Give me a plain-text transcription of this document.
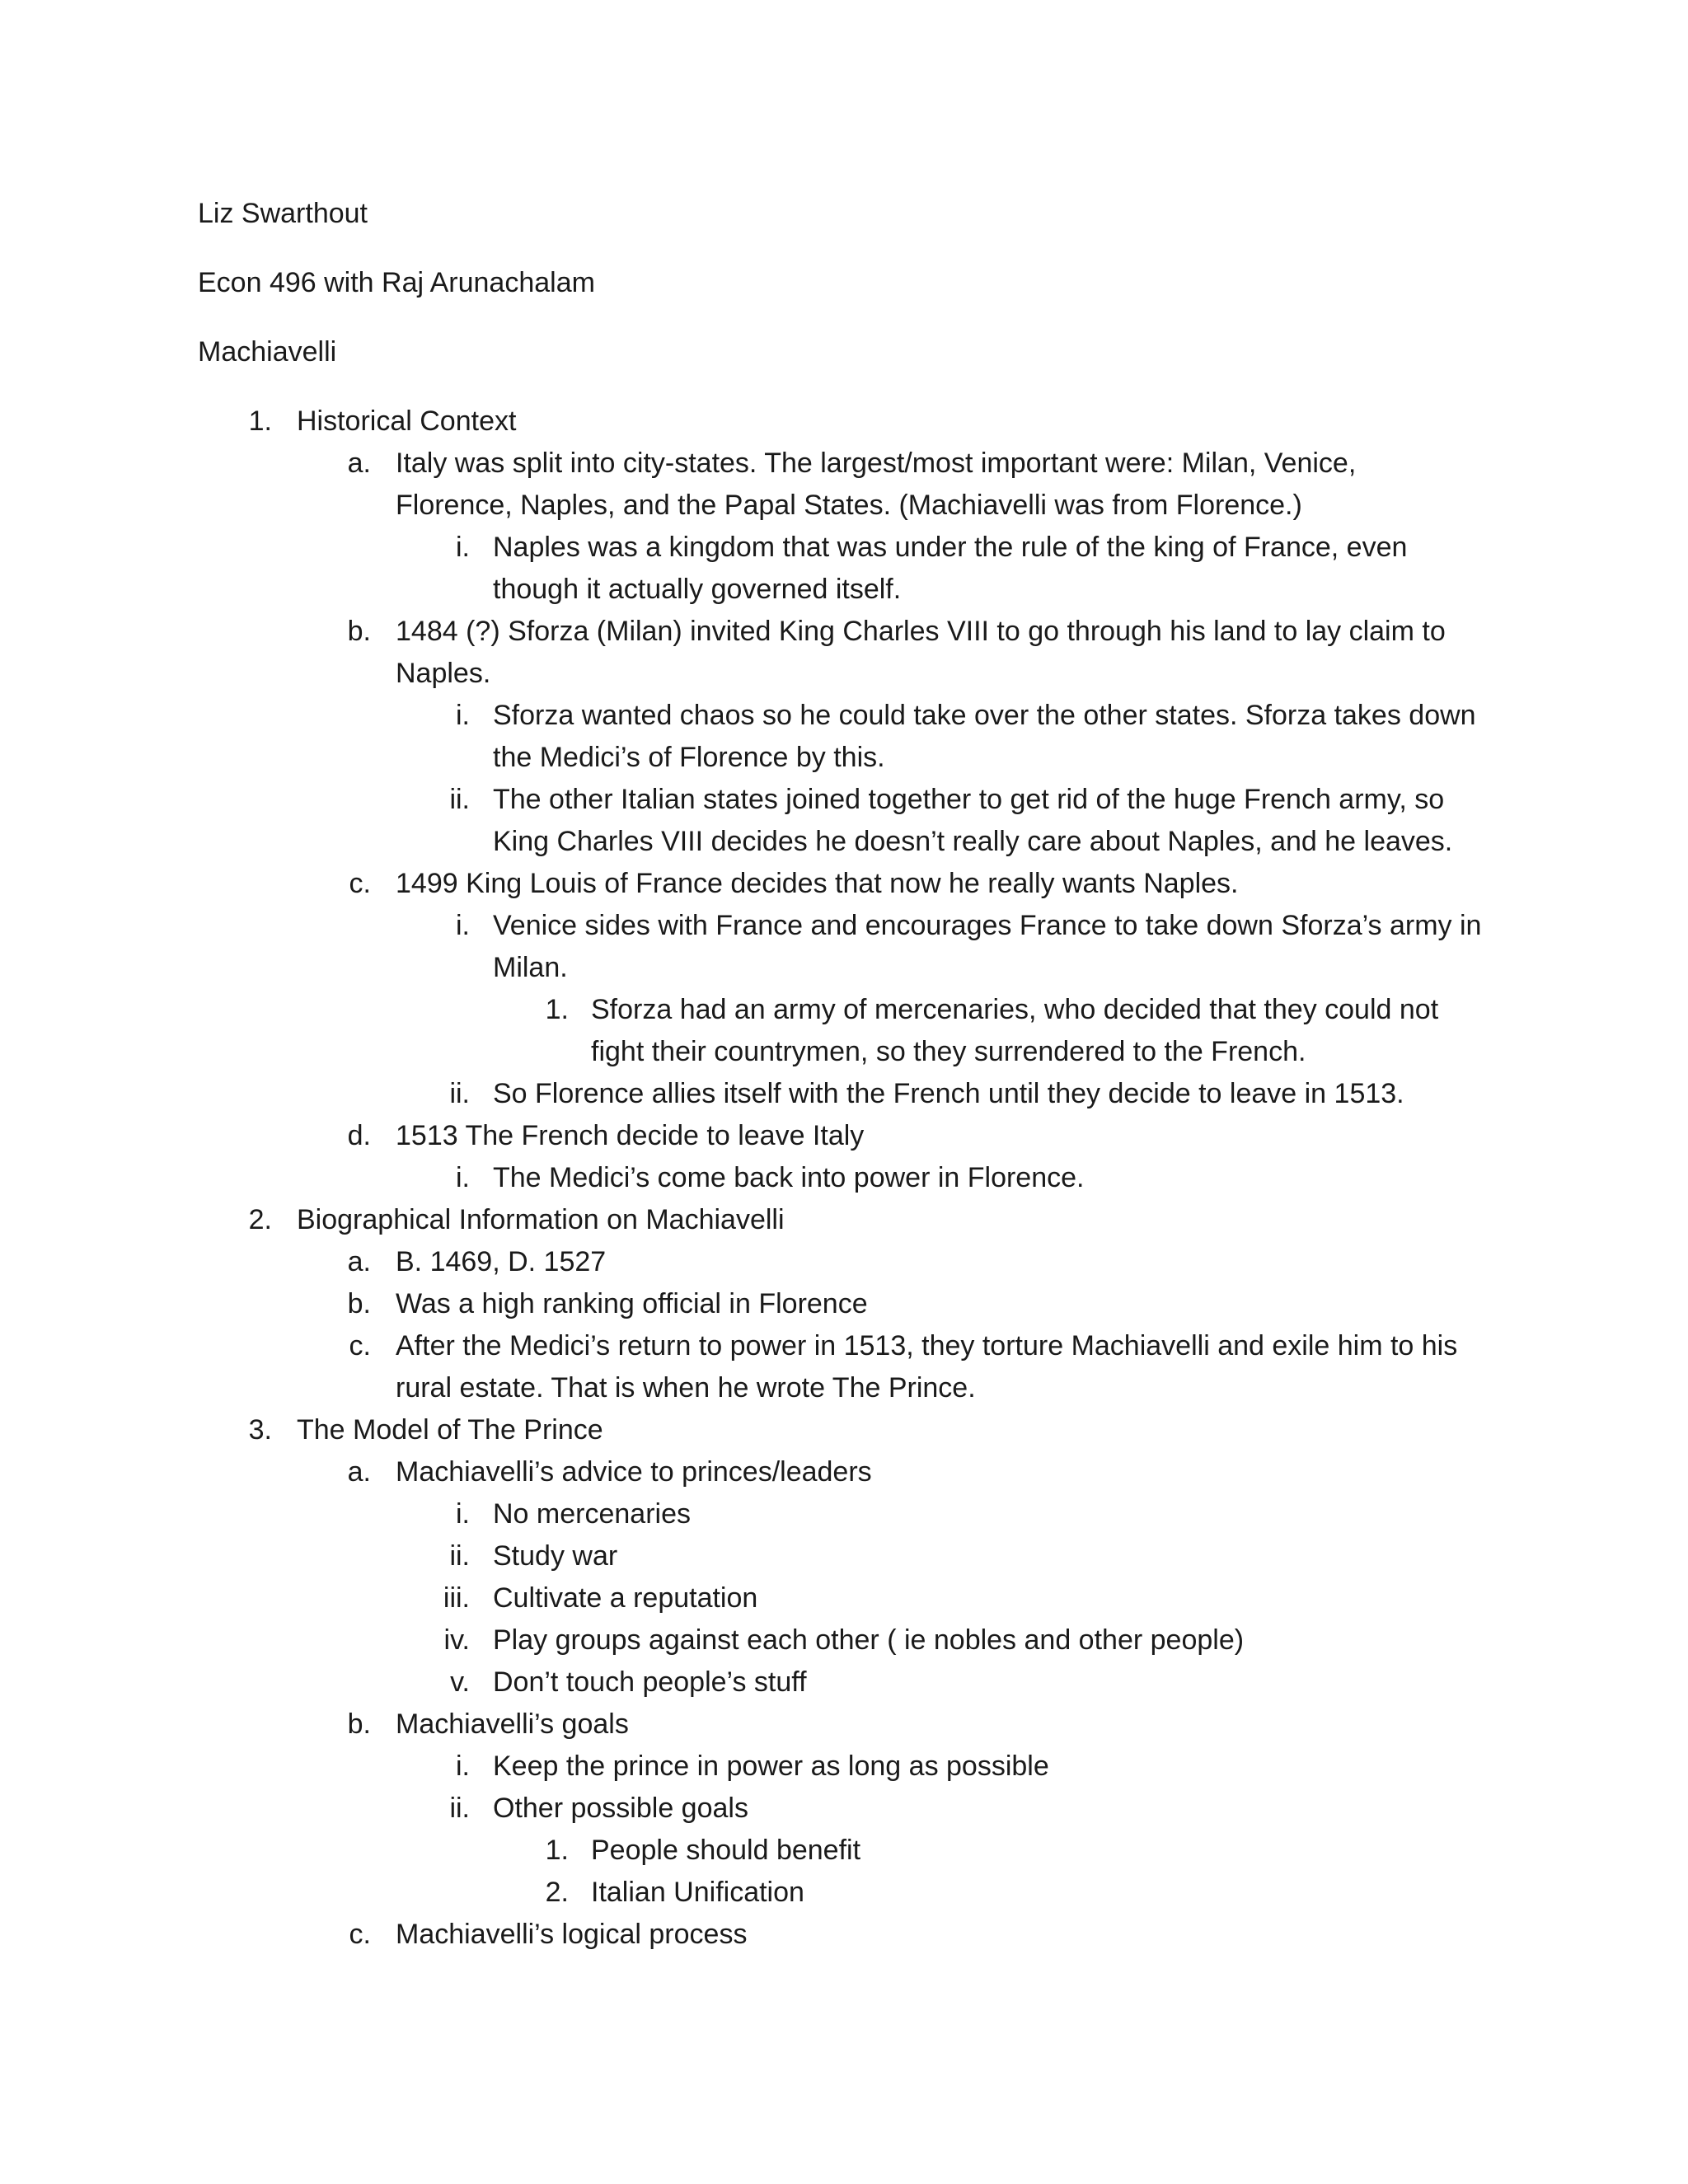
Liz Swarthout
Econ 496 with Raj Arunachalam
Machiavelli
1. Historical Context
a. Italy was split into city-states. The largest/most important were: Milan, Venice,
Florence, Naples, and the Papal States. (Machiavelli was from Florence.)
i. Naples was a kingdom that was under the rule of the king of France, even
though it actually governed itself.
b. 1484 (?) Sforza (Milan) invited King Charles VIII to go through his land to lay claim to
Naples.
i. Sforza wanted chaos so he could take over the other states. Sforza takes down
the Medici’s of Florence by this.
ii. The other Italian states joined together to get rid of the huge French army, so
King Charles VIII decides he doesn’t really care about Naples, and he leaves.
c. 1499 King Louis of France decides that now he really wants Naples.
i. Venice sides with France and encourages France to take down Sforza’s army in
Milan.
1. Sforza had an army of mercenaries, who decided that they could not
fight their countrymen, so they surrendered to the French.
ii. So Florence allies itself with the French until they decide to leave in 1513.
d. 1513 The French decide to leave Italy
i. The Medici’s come back into power in Florence.
2. Biographical Information on Machiavelli
a. B. 1469, D. 1527
b. Was a high ranking official in Florence
c. After the Medici’s return to power in 1513, they torture Machiavelli and exile him to his
rural estate. That is when he wrote The Prince.
3. The Model of The Prince
a. Machiavelli’s advice to princes/leaders
i. No mercenaries
ii. Study war
iii. Cultivate a reputation
iv. Play groups against each other ( ie nobles and other people)
v. Don’t touch people’s stuff
b. Machiavelli’s goals
i. Keep the prince in power as long as possible
ii. Other possible goals
1. People should benefit
2. Italian Unification
c. Machiavelli’s logical process
